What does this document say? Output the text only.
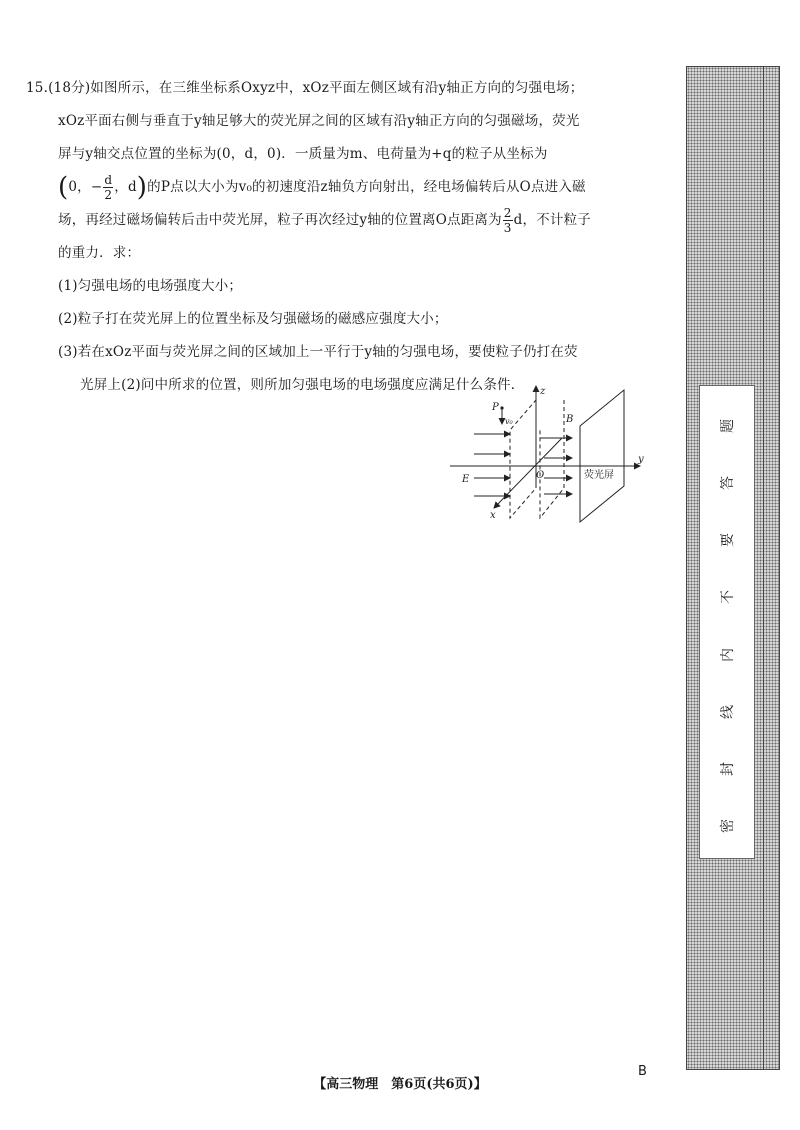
15.(18分)如图所示，在三维坐标系Oxyz中，xOz平面左侧区域有沿y轴正方向的匀强电场；

xOz平面右侧与垂直于y轴足够大的荧光屏之间的区域有沿y轴正方向的匀强磁场，荧光

屏与y轴交点位置的坐标为(0，d，0)．一质量为m、电荷量为+q的粒子从坐标为

(0，− $\frac{d}{2}$ ，d)的P点以大小为v₀的初速度沿z轴负方向射出，经电场偏转后从O点进入磁

场，再经过磁场偏转后击中荧光屏，粒子再次经过y轴的位置离O点距离为 $\frac{2}{3}$ d，不计粒子

的重力．求：

(1)匀强电场的电场强度大小；

(2)粒子打在荧光屏上的位置坐标及匀强磁场的磁感应强度大小；

(3)若在xOz平面与荧光屏之间的区域加上一平行于y轴的匀强电场，要使粒子仍打在荧

光屏上(2)问中所求的位置，则所加匀强电场的电场强度应满足什么条件．	z
y
x
P
v₀	B
O
E	荧光屏
题
答
要
不
内
线
封
密
【高三物理　第6页(共6页)】
B
